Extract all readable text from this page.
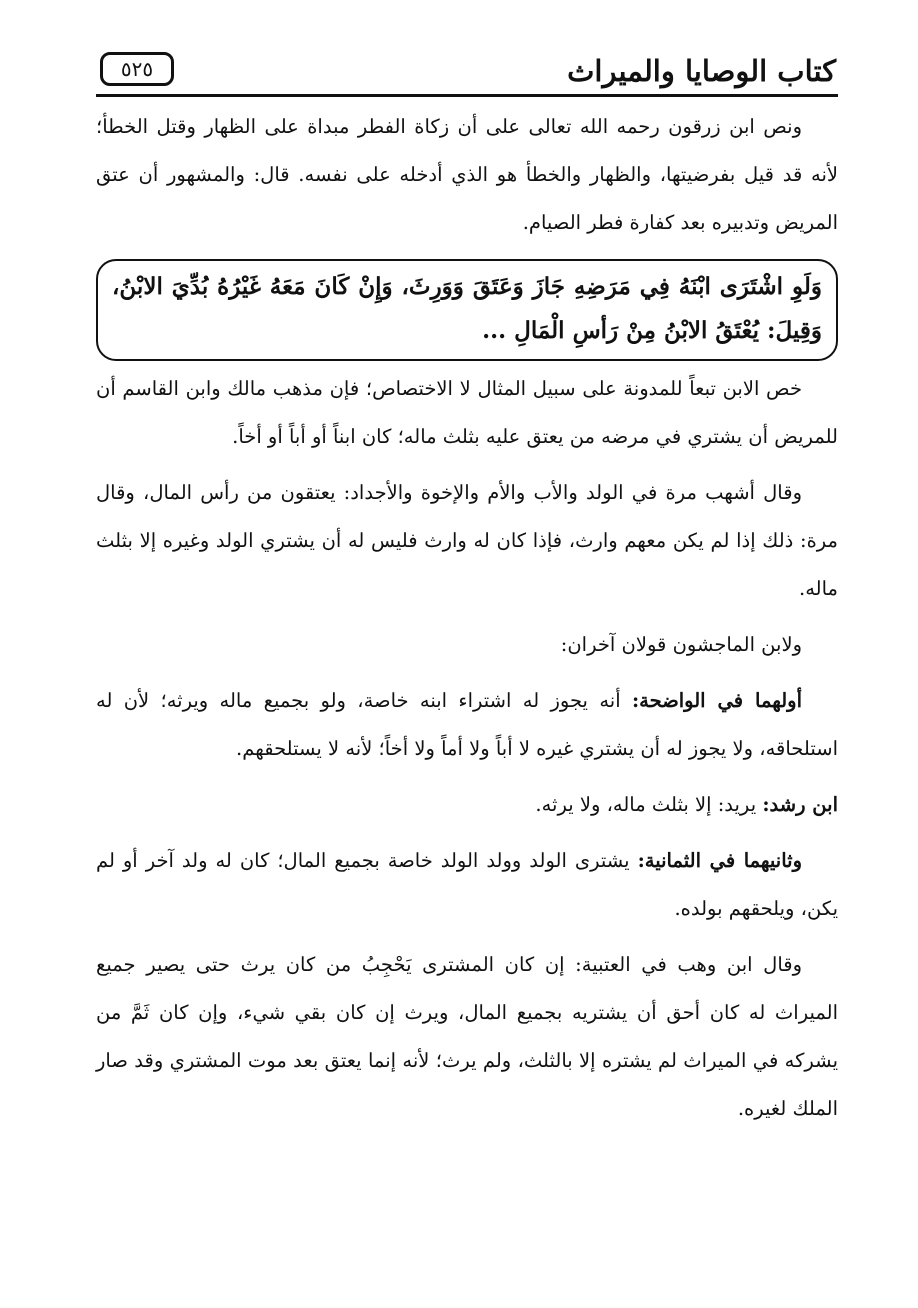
كتاب الوصايا والميراث
٥٢٥

ونص ابن زرقون رحمه الله تعالى على أن زكاة الفطر مبداة على الظهار وقتل الخطأ؛ لأنه قد قيل بفرضيتها، والظهار والخطأ هو الذي أدخله على نفسه. قال: والمشهور أن عتق المريض وتدبيره بعد كفارة فطر الصيام.

وَلَوِ اشْتَرَى ابْنَهُ فِي مَرَضِهِ جَازَ وَعَتَقَ وَوَرِثَ، وَإِنْ كَانَ مَعَهُ غَيْرُهُ بُدِّيَ الابْنُ، وَقِيلَ: يُعْتَقُ الابْنُ مِنْ رَأسِ الْمَالِ ...

خص الابن تبعاً للمدونة على سبيل المثال لا الاختصاص؛ فإن مذهب مالك وابن القاسم أن للمريض أن يشتري في مرضه من يعتق عليه بثلث ماله؛ كان ابناً أو أباً أو أخاً.

وقال أشهب مرة في الولد والأب والأم والإخوة والأجداد: يعتقون من رأس المال، وقال مرة: ذلك إذا لم يكن معهم وارث، فإذا كان له وارث فليس له أن يشتري الولد وغيره إلا بثلث ماله.

ولابن الماجشون قولان آخران:

أولهما في الواضحة: أنه يجوز له اشتراء ابنه خاصة، ولو بجميع ماله ويرثه؛ لأن له استلحاقه، ولا يجوز له أن يشتري غيره لا أباً ولا أماً ولا أخاً؛ لأنه لا يستلحقهم.

ابن رشد: يريد: إلا بثلث ماله، ولا يرثه.

وثانيهما في الثمانية: يشترى الولد وولد الولد خاصة بجميع المال؛ كان له ولد آخر أو لم يكن، ويلحقهم بولده.

وقال ابن وهب في العتبية: إن كان المشترى يَحْجِبُ من كان يرث حتى يصير جميع الميراث له كان أحق أن يشتريه بجميع المال، ويرث إن كان بقي شيء، وإن كان ثَمَّ من يشركه في الميراث لم يشتره إلا بالثلث، ولم يرث؛ لأنه إنما يعتق بعد موت المشتري وقد صار الملك لغيره.
